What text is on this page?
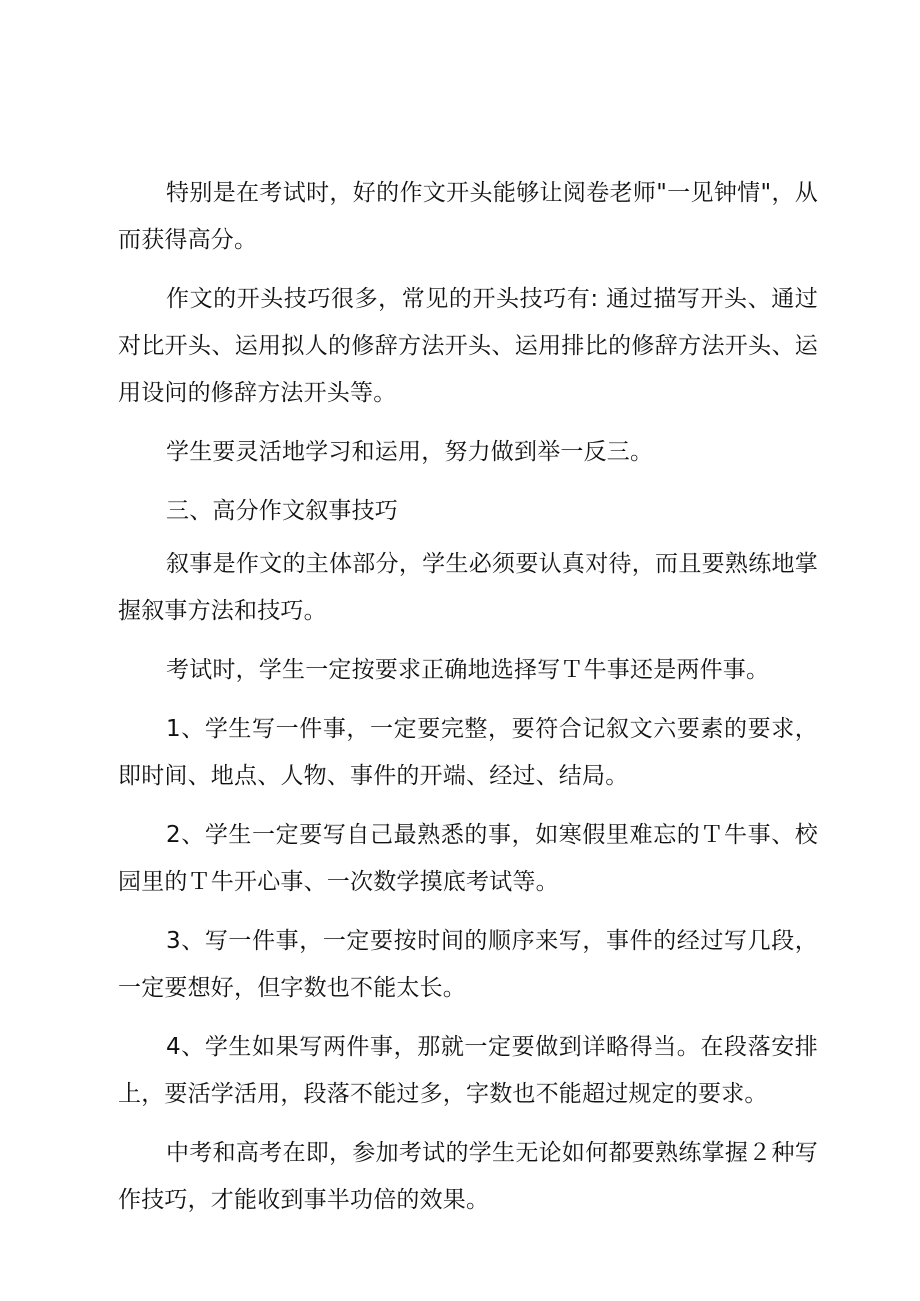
特别是在考试时，好的作文开头能够让阅卷老师"一见钟情"，从而获得高分。

作文的开头技巧很多，常见的开头技巧有: 通过描写开头、通过对比开头、运用拟人的修辞方法开头、运用排比的修辞方法开头、运用设问的修辞方法开头等。

学生要灵活地学习和运用，努力做到举一反三。

三、高分作文叙事技巧

叙事是作文的主体部分，学生必须要认真对待，而且要熟练地掌握叙事方法和技巧。

考试时，学生一定按要求正确地选择写Ｔ牛事还是两件事。

1、学生写一件事，一定要完整，要符合记叙文六要素的要求，即时间、地点、人物、事件的开端、经过、结局。

2、学生一定要写自己最熟悉的事，如寒假里难忘的Ｔ牛事、校园里的Ｔ牛开心事、一次数学摸底考试等。

3、写一件事，一定要按时间的顺序来写，事件的经过写几段，一定要想好，但字数也不能太长。

4、学生如果写两件事，那就一定要做到详略得当。在段落安排上，要活学活用，段落不能过多，字数也不能超过规定的要求。

中考和高考在即，参加考试的学生无论如何都要熟练掌握２种写作技巧，才能收到事半功倍的效果。
